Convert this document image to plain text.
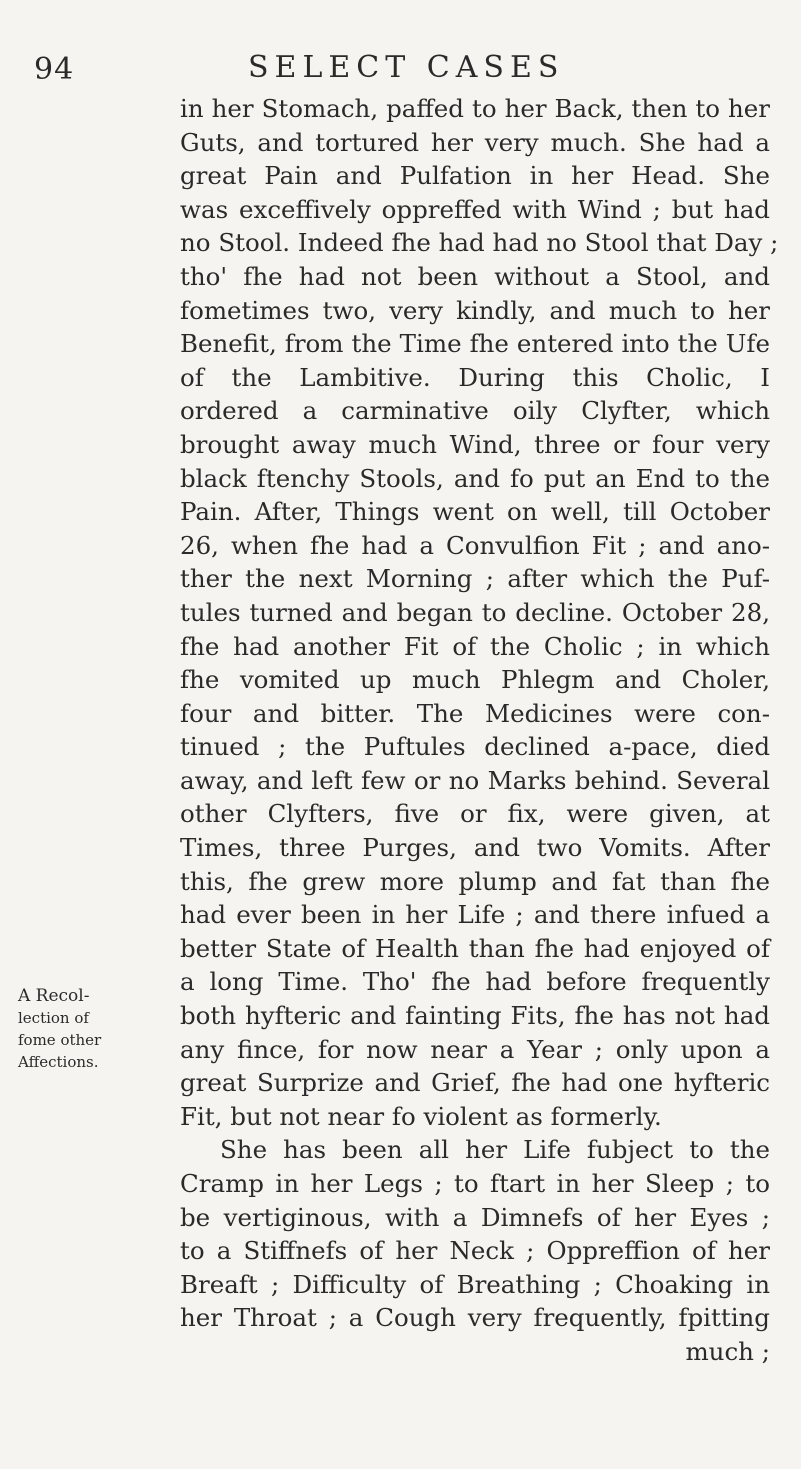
94	SELECT CASES
A Recol-
lection of
fome other
Affections.
in her Stomach, paffed to her Back, then to her
Guts, and tortured her very much. She had a
great Pain and Pulfation in her Head. She
was exceffively oppreffed with Wind ; but had
no Stool. Indeed fhe had had no Stool that Day ;
tho' fhe had not been without a Stool, and
fometimes two, very kindly, and much to her
Benefit, from the Time fhe entered into the Ufe
of the Lambitive. During this Cholic, I
ordered a carminative oily Clyfter, which
brought away much Wind, three or four very
black ftenchy Stools, and fo put an End to the
Pain. After, Things went on well, till October
26, when fhe had a Convulfion Fit ; and ano-
ther the next Morning ; after which the Puf-
tules turned and began to decline. October 28,
fhe had another Fit of the Cholic ; in which
fhe vomited up much Phlegm and Choler,
four and bitter. The Medicines were con-
tinued ; the Puftules declined a-pace, died
away, and left few or no Marks behind. Several
other Clyfters, five or fix, were given, at
Times, three Purges, and two Vomits. After
this, fhe grew more plump and fat than fhe
had ever been in her Life ; and there infued a
better State of Health than fhe had enjoyed of
a long Time. Tho' fhe had before frequently
both hyfteric and fainting Fits, fhe has not had
any fince, for now near a Year ; only upon a
great Surprize and Grief, fhe had one hyfteric
Fit, but not near fo violent as formerly.
She has been all her Life fubject to the
Cramp in her Legs ; to ftart in her Sleep ; to
be vertiginous, with a Dimnefs of her Eyes ;
to a Stiffnefs of her Neck ; Oppreffion of her
Breaft ; Difficulty of Breathing ; Choaking in
her Throat ; a Cough very frequently, fpitting
much ;
